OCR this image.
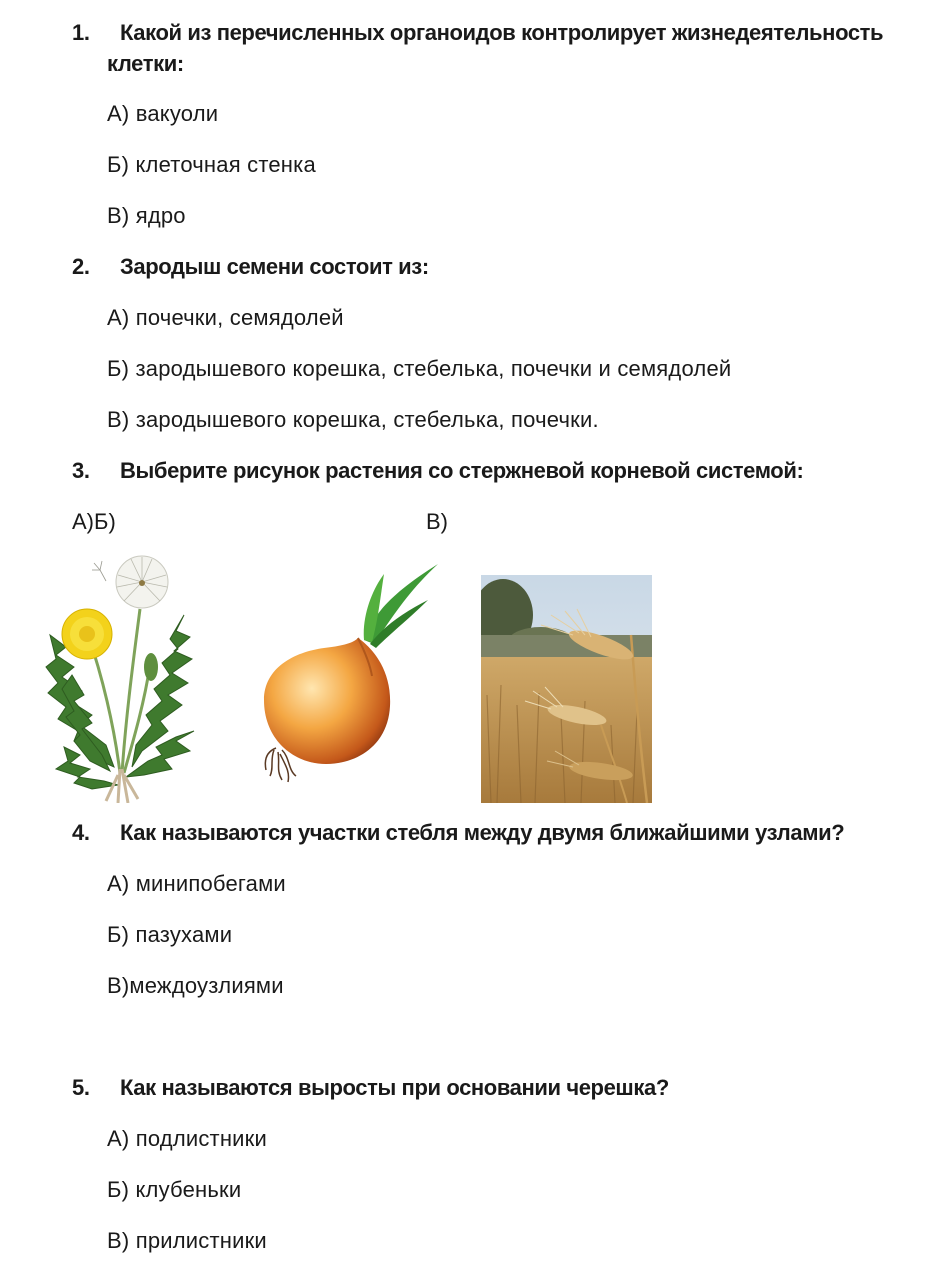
1. Какой из перечисленных органоидов контролирует жизнедеятельность
клетки:
А) вакуоли
Б) клеточная стенка
В) ядро
2. Зародыш семени состоит из:
А) почечки, семядолей
Б) зародышевого корешка, стебелька, почечки и семядолей
В) зародышевого корешка, стебелька, почечки.
3. Выберите рисунок растения со стержневой корневой системой:
А)Б)	В)
4. Как называются участки стебля между двумя ближайшими узлами?
А) минипобегами
Б) пазухами
В)междоузлиями
5. Как называются выросты при основании черешка?
А) подлистники
Б) клубеньки
В) прилистники
